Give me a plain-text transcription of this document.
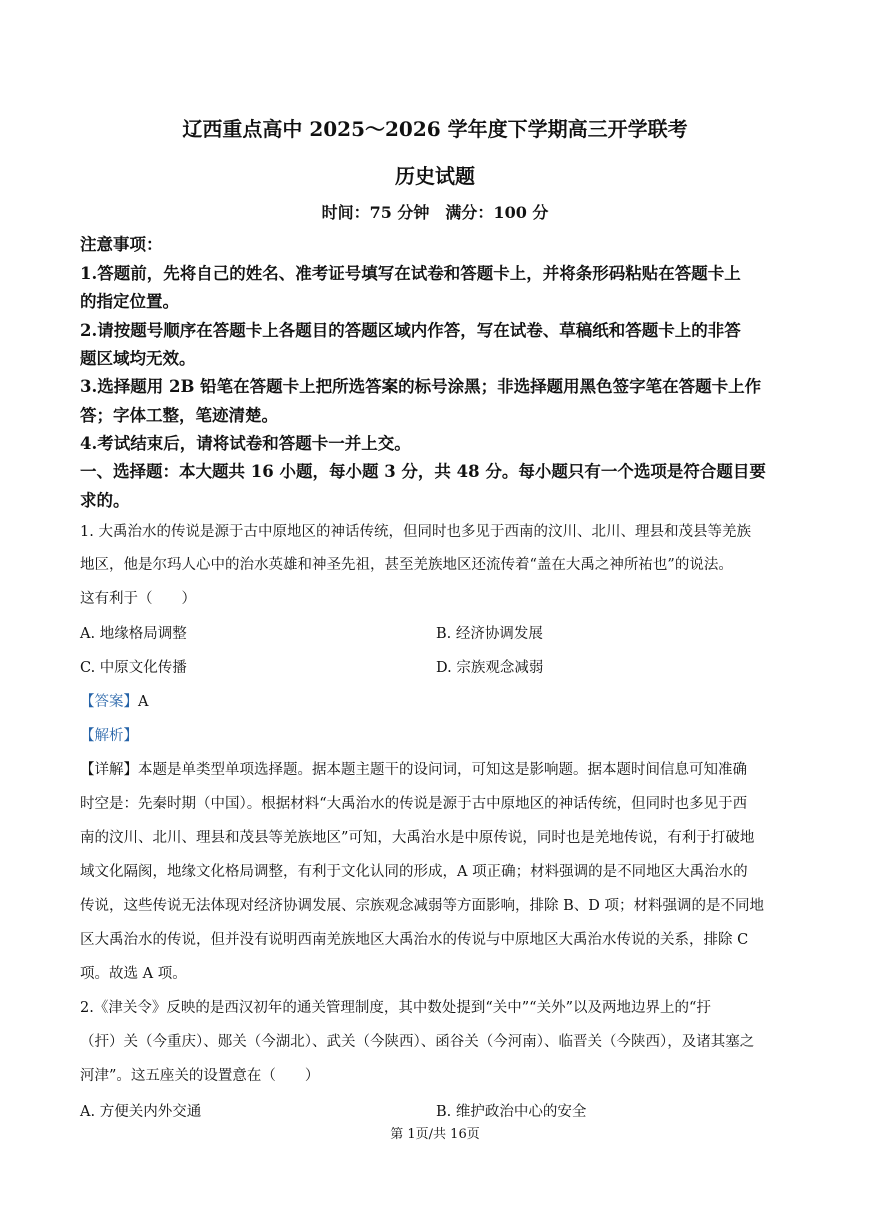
辽西重点高中 2025～2026 学年度下学期高三开学联考
历史试题
时间：75 分钟　满分：100 分
注意事项：
1.答题前，先将自己的姓名、准考证号填写在试卷和答题卡上，并将条形码粘贴在答题卡上
的指定位置。
2.请按题号顺序在答题卡上各题目的答题区域内作答，写在试卷、草稿纸和答题卡上的非答
题区域均无效。
3.选择题用 2B 铅笔在答题卡上把所选答案的标号涂黑；非选择题用黑色签字笔在答题卡上作
答；字体工整，笔迹清楚。
4.考试结束后，请将试卷和答题卡一并上交。
一、选择题：本大题共 16 小题，每小题 3 分，共 48 分。每小题只有一个选项是符合题目要
求的。
1. 大禹治水的传说是源于古中原地区的神话传统，但同时也多见于西南的汶川、北川、理县和茂县等羌族
地区，他是尔玛人心中的治水英雄和神圣先祖，甚至羌族地区还流传着“盖在大禹之神所祐也”的说法。
这有利于（　　）
A. 地缘格局调整	B. 经济协调发展
C. 中原文化传播	D. 宗族观念减弱
【答案】A
【解析】
【详解】本题是单类型单项选择题。据本题主题干的设问词，可知这是影响题。据本题时间信息可知准确
时空是：先秦时期（中国）。根据材料“大禹治水的传说是源于古中原地区的神话传统，但同时也多见于西
南的汶川、北川、理县和茂县等羌族地区”可知，大禹治水是中原传说，同时也是羌地传说，有利于打破地
域文化隔阂，地缘文化格局调整，有利于文化认同的形成，A 项正确；材料强调的是不同地区大禹治水的
传说，这些传说无法体现对经济协调发展、宗族观念减弱等方面影响，排除 B、D 项；材料强调的是不同地
区大禹治水的传说，但并没有说明西南羌族地区大禹治水的传说与中原地区大禹治水传说的关系，排除 C
项。故选 A 项。
2.《津关令》反映的是西汉初年的通关管理制度，其中数处提到“关中”“关外”以及两地边界上的“扜
（扞）关（今重庆）、郧关（今湖北）、武关（今陕西）、函谷关（今河南）、临晋关（今陕西），及诸其塞之
河津”。这五座关的设置意在（　　）
A. 方便关内外交通	B. 维护政治中心的安全
第 1页/共 16页
